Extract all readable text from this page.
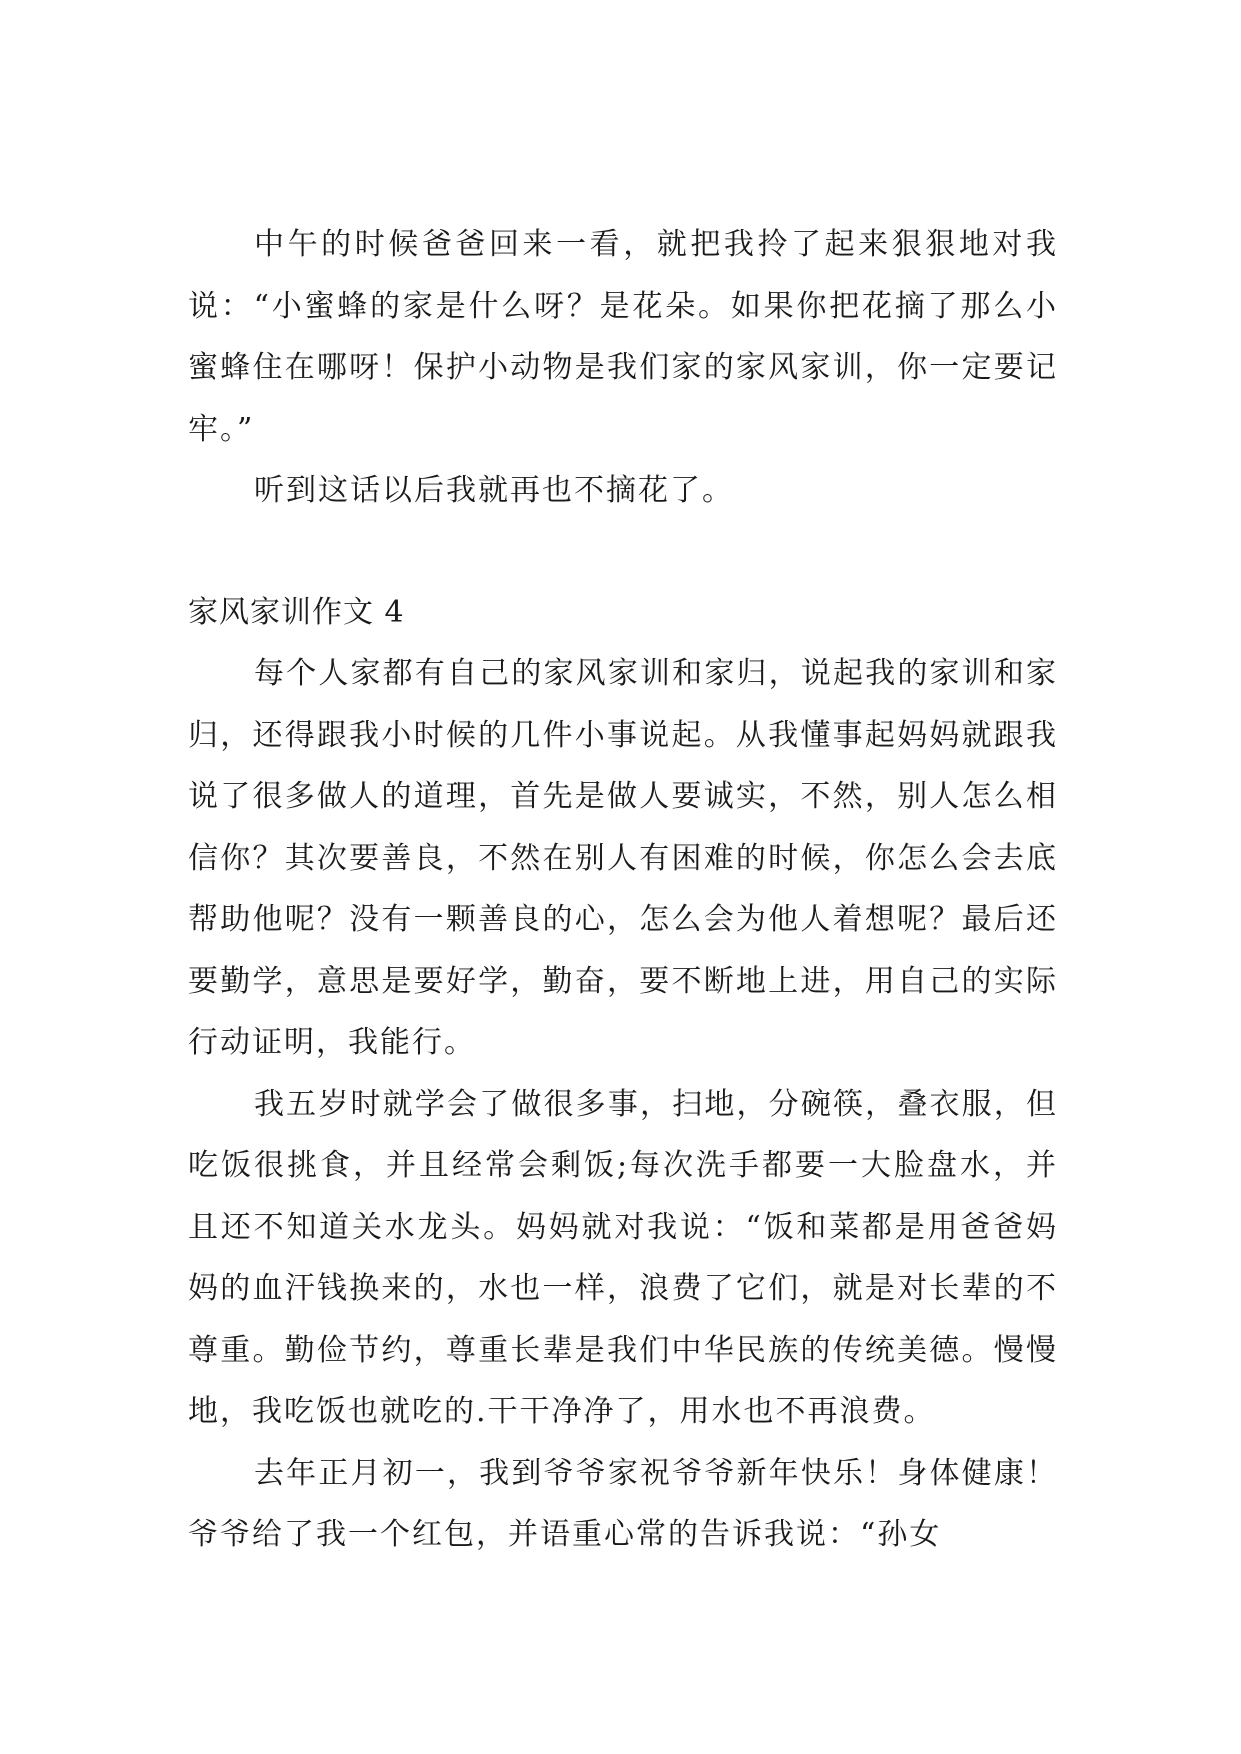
中午的时候爸爸回来一看，就把我拎了起来狠狠地对我说：“小蜜蜂的家是什么呀？是花朵。如果你把花摘了那么小蜜蜂住在哪呀！保护小动物是我们家的家风家训，你一定要记牢。”

听到这话以后我就再也不摘花了。

家风家训作文 4

每个人家都有自己的家风家训和家归，说起我的家训和家归，还得跟我小时候的几件小事说起。从我懂事起妈妈就跟我说了很多做人的道理，首先是做人要诚实，不然，别人怎么相信你？其次要善良，不然在别人有困难的时候，你怎么会去底帮助他呢？没有一颗善良的心，怎么会为他人着想呢？最后还要勤学，意思是要好学，勤奋，要不断地上进，用自己的实际行动证明，我能行。

我五岁时就学会了做很多事，扫地，分碗筷，叠衣服，但吃饭很挑食，并且经常会剩饭;每次洗手都要一大脸盘水，并且还不知道关水龙头。妈妈就对我说：“饭和菜都是用爸爸妈妈的血汗钱换来的，水也一样，浪费了它们，就是对长辈的不尊重。勤俭节约，尊重长辈是我们中华民族的传统美德。慢慢地，我吃饭也就吃的.干干净净了，用水也不再浪费。

去年正月初一，我到爷爷家祝爷爷新年快乐！身体健康！爷爷给了我一个红包，并语重心常的告诉我说：“孙女
